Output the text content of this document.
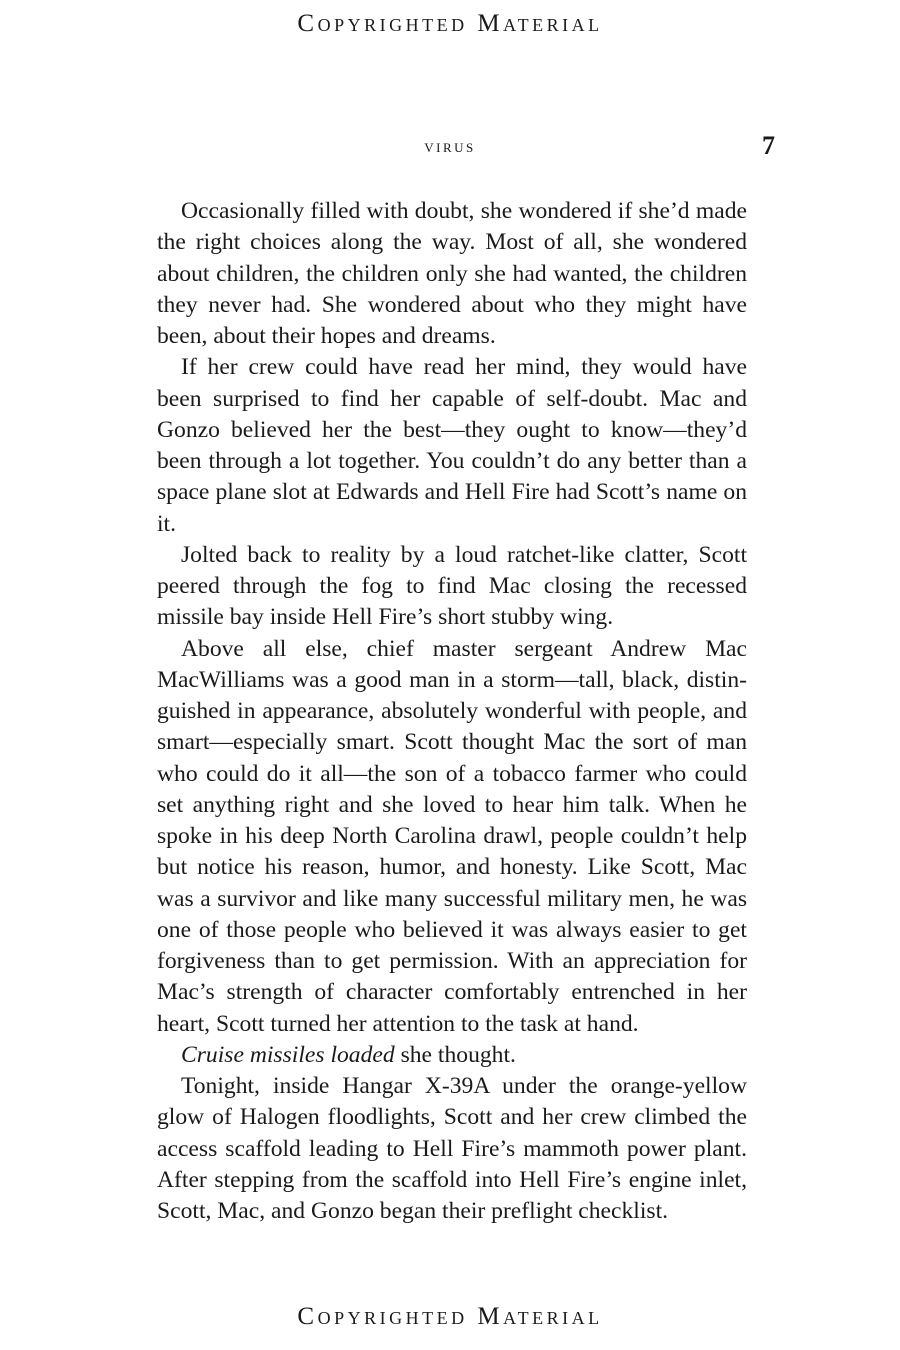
Copyrighted Material
virus	7

Occasionally filled with doubt, she wondered if she’d made the right choices along the way. Most of all, she wondered about children, the children only she had wanted, the children they never had. She wondered about who they might have been, about their hopes and dreams.

If her crew could have read her mind, they would have been surprised to find her capable of self-doubt. Mac and Gonzo believed her the best—they ought to know—they’d been through a lot together. You couldn’t do any better than a space plane slot at Edwards and Hell Fire had Scott’s name on it.

Jolted back to reality by a loud ratchet-like clatter, Scott peered through the fog to find Mac closing the recessed missile bay inside Hell Fire’s short stubby wing.

Above all else, chief master sergeant Andrew Mac MacWilliams was a good man in a storm—tall, black, distinguished in appearance, absolutely wonderful with people, and smart—especially smart. Scott thought Mac the sort of man who could do it all—the son of a tobacco farmer who could set anything right and she loved to hear him talk. When he spoke in his deep North Carolina drawl, people couldn’t help but notice his reason, humor, and honesty. Like Scott, Mac was a survivor and like many successful military men, he was one of those people who believed it was always easier to get forgiveness than to get permission. With an appreciation for Mac’s strength of character comfortably entrenched in her heart, Scott turned her attention to the task at hand.

Cruise missiles loaded she thought.

Tonight, inside Hangar X-39A under the orange-yellow glow of Halogen floodlights, Scott and her crew climbed the access scaffold leading to Hell Fire’s mammoth power plant. After stepping from the scaffold into Hell Fire’s engine inlet, Scott, Mac, and Gonzo began their preflight checklist.

Copyrighted Material
